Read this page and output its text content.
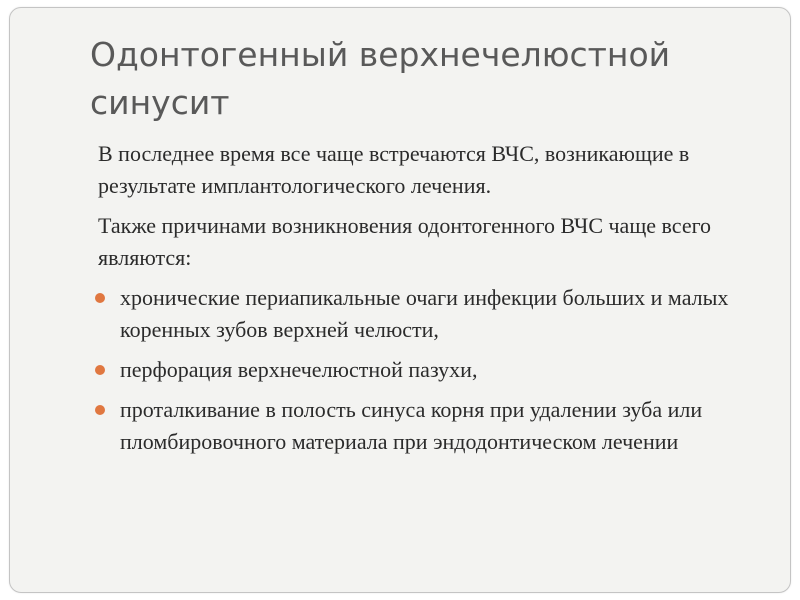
Одонтогенный верхнечелюстной синусит

В последнее время все чаще встречаются ВЧС, возникающие в результате имплантологического лечения.

Также причинами возникновения одонтогенного ВЧС чаще всего являются:

хронические периапикальные очаги инфекции больших и малых коренных зубов верхней челюсти,
перфорация верхнечелюстной пазухи,
проталкивание в полость синуса корня при удалении зуба или пломбировочного материала при эндодонтическом лечении
